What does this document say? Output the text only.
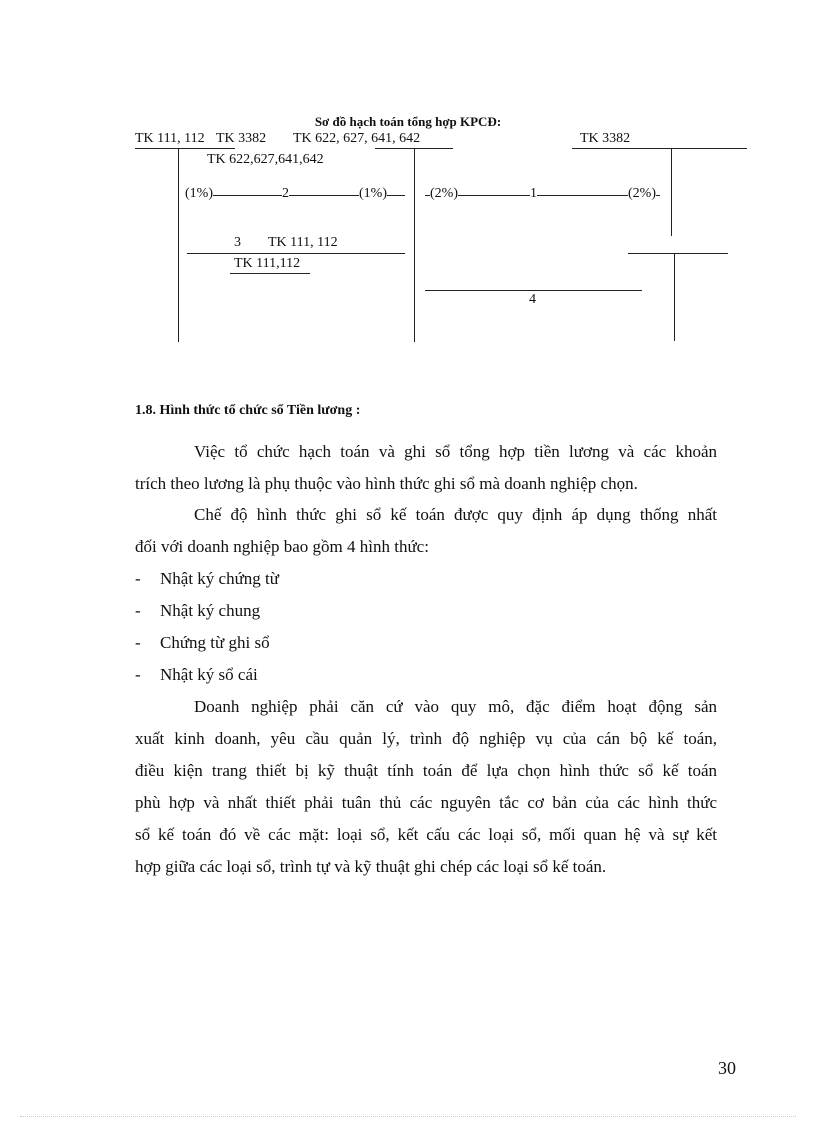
Sơ đồ hạch toán tổng hợp KPCĐ:
TK 111, 112 TK 3382 TK 622, 627, 641, 642	TK 3382
TK 622,627,641,642
(1%)	2	(1%)	(2%)	1	(2%)
3 TK 111, 112
TK 111,112
4
1.8. Hình thức tổ chức sổ Tiền lương :

Việc tổ chức hạch toán và ghi sổ tổng hợp tiền lương và các khoản

trích theo lương là phụ thuộc vào hình thức ghi sổ mà doanh nghiệp chọn.

Chế độ hình thức ghi sổ kế toán được quy định áp dụng thống nhất

đối với doanh nghiệp bao gồm 4 hình thức:

- Nhật ký chứng từ
- Nhật ký chung
- Chứng từ ghi sổ
- Nhật ký sổ cái

Doanh nghiệp phải căn cứ vào quy mô, đặc điểm hoạt động sản

xuất kinh doanh, yêu cầu quản lý, trình độ nghiệp vụ của cán bộ kế toán,

điều kiện trang thiết bị kỹ thuật tính toán để lựa chọn hình thức sổ kế toán

phù hợp và nhất thiết phải tuân thủ các nguyên tắc cơ bản của các hình thức

sổ kế toán đó về các mặt: loại sổ, kết cấu các loại sổ, mối quan hệ và sự kết

hợp giữa các loại sổ, trình tự và kỹ thuật ghi chép các loại sổ kế toán.

30
